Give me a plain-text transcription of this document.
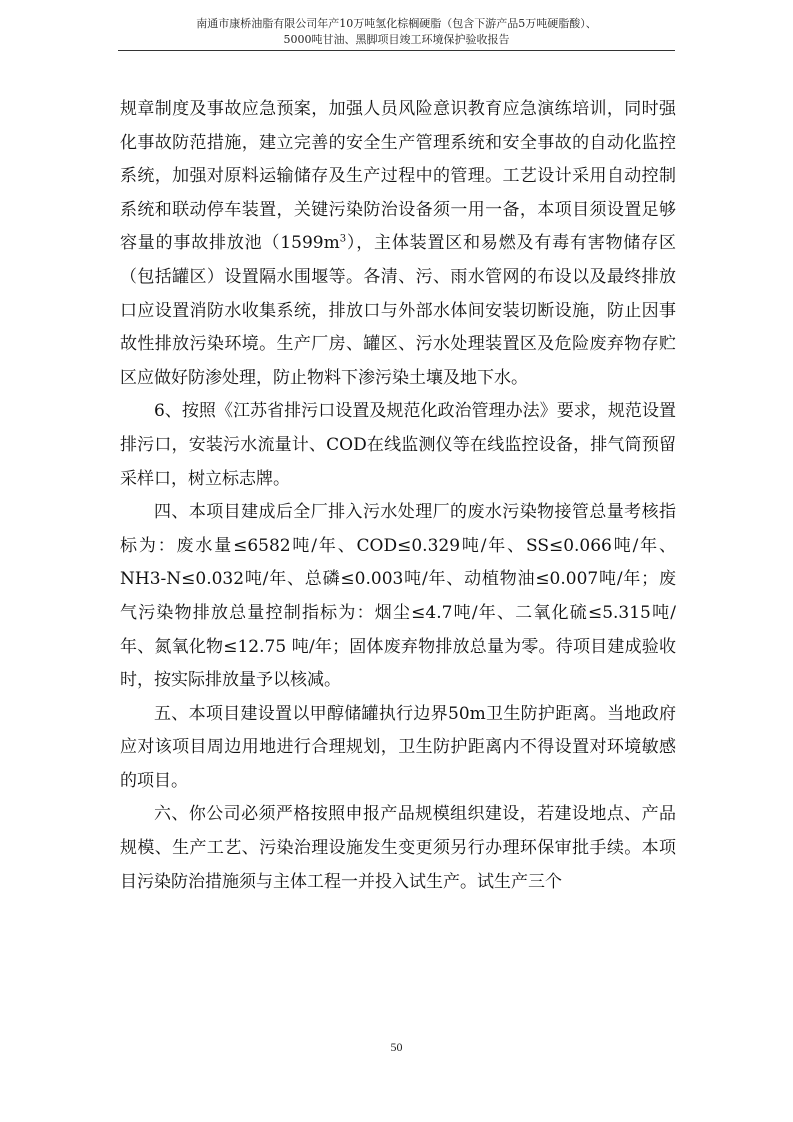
南通市康桥油脂有限公司年产10万吨氢化棕榈硬脂（包含下游产品5万吨硬脂酸）、
5000吨甘油、黑脚项目竣工环境保护验收报告

规章制度及事故应急预案，加强人员风险意识教育应急演练培训，同时强化事故防范措施，建立完善的安全生产管理系统和安全事故的自动化监控系统，加强对原料运输储存及生产过程中的管理。工艺设计采用自动控制系统和联动停车装置，关键污染防治设备须一用一备，本项目须设置足够容量的事故排放池$(1599m^3)$，主体装置区和易燃及有毒有害物储存区（包括罐区）设置隔水围堰等。各清、污、雨水管网的布设以及最终排放口应设置消防水收集系统，排放口与外部水体间安装切断设施，防止因事故性排放污染环境。生产厂房、罐区、污水处理装置区及危险废弃物存贮区应做好防渗处理，防止物料下渗污染土壤及地下水。

6、按照《江苏省排污口设置及规范化政治管理办法》要求，规范设置排污口，安装污水流量计、COD在线监测仪等在线监控设备，排气筒预留采样口，树立标志牌。

四、本项目建成后全厂排入污水处理厂的废水污染物接管总量考核指标为：废水量≤6582吨/年、COD≤0.329吨/年、SS≤0.066吨/年、NH3-N≤0.032吨/年、总磷≤0.003吨/年、动植物油≤0.007吨/年；废气污染物排放总量控制指标为：烟尘≤4.7吨/年、二氧化硫≤5.315吨/年、氮氧化物≤12.75 吨/年；固体废弃物排放总量为零。待项目建成验收时，按实际排放量予以核减。

五、本项目建设置以甲醇储罐执行边界50m卫生防护距离。当地政府应对该项目周边用地进行合理规划，卫生防护距离内不得设置对环境敏感的项目。

六、你公司必须严格按照申报产品规模组织建设，若建设地点、产品规模、生产工艺、污染治理设施发生变更须另行办理环保审批手续。本项目污染防治措施须与主体工程一并投入试生产。试生产三个

50
